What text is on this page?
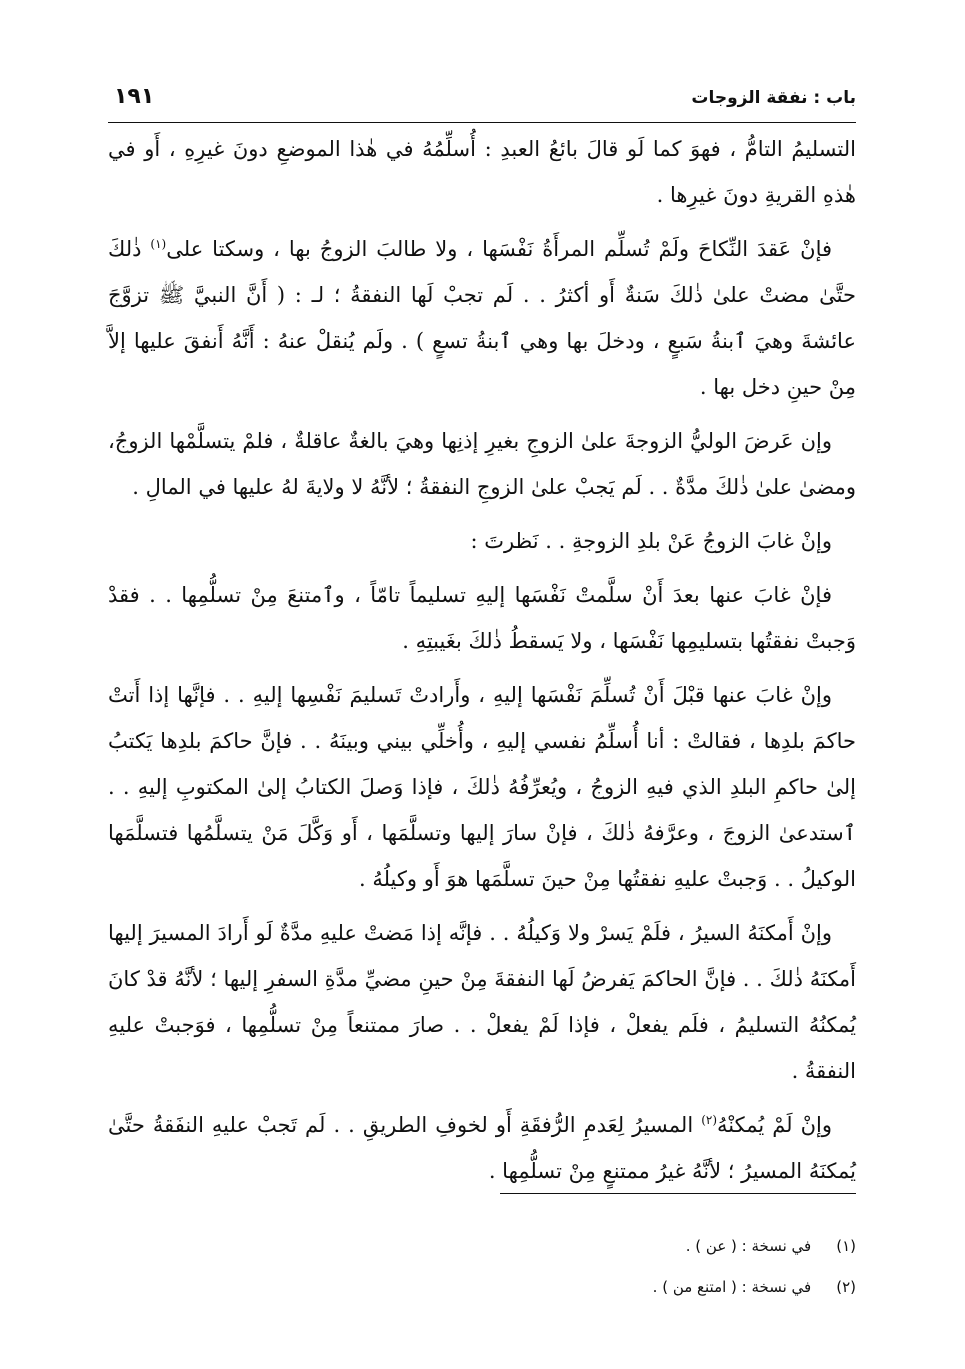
باب : نفقة الزوجات
١٩١

التسليمُ التامُّ ، فهوَ كما لَو قالَ بائعُ العبدِ : أُسلِّمُهُ في هٰذا الموضعِ دونَ غيرِهِ ، أَو في هٰذهِ القريةِ دونَ غيرِها .

فإنْ عَقدَ النِّكاحَ ولَمْ تُسلِّم المرأَةُ نَفْسَها ، ولا طالبَ الزوجُ بها ، وسكتا على$^{(١)}$ ذٰلكَ حتَّىٰ مضتْ علىٰ ذٰلكَ سَنةٌ أَو أكثرُ . . لَم تجبْ لَها النفقةُ ؛ لـ : ( أَنَّ النبيَّ ﷺ تزوَّجَ عائشةَ وهيَ ٱبنةُ سَبعٍ ، ودخلَ بها وهي ٱبنةُ تسعٍ ) . ولَم يُنقلْ عنهُ : أَنَّهُ أَنفقَ عليها إلاَّ مِنْ حينِ دخل بها .

وإن عَرضَ الوليُّ الزوجةَ علىٰ الزوجِ بغيرِ إذنِها وهيَ بالغةٌ عاقلةٌ ، فلمْ يتسلَّمْها الزوجُ، ومضىٰ علىٰ ذٰلكَ مدَّةٌ . . لَم يَجبْ علىٰ الزوجِ النفقةُ ؛ لأنَّهُ لا ولايةَ لهُ عليها في المالِ .

وإنْ غابَ الزوجُ عَنْ بلدِ الزوجةِ . . نَظرتَ :

فإنْ غابَ عنها بعدَ أَنْ سلَّمتْ نَفْسَها إليهِ تسليماً تامّاً ، وٱمتنعَ مِنْ تسلُّمِها . . فقدْ وَجبتْ نفقتُها بتسليمِها نَفْسَها ، ولا يَسقطُ ذٰلكَ بغَيبتِهِ .

وإنْ غابَ عنها قبْلَ أَنْ تُسلِّمَ نَفْسَها إليهِ ، وأَرادتْ تَسليمَ نَفْسِها إليهِ . . فإنَّها إذا أَتتْ حاكمَ بلدِها ، فقالتْ : أنا أُسلِّمُ نفسي إليهِ ، وأُخلِّي بيني وبينَهُ . . فإنَّ حاكمَ بلدِها يَكتبُ إلىٰ حاكمِ البلدِ الذي فيهِ الزوجُ ، ويُعرِّفُهُ ذٰلكَ ، فإذا وَصلَ الكتابُ إلىٰ المكتوبِ إليهِ . . ٱستدعىٰ الزوجَ ، وعرَّفهُ ذٰلكَ ، فإنْ سارَ إليها وتسلَّمَها ، أَو وَكَّلَ مَنْ يتسلَّمُها فتسلَّمَها الوكيلُ . . وَجبتْ عليهِ نفقتُها مِنْ حينَ تسلَّمَها هوَ أَو وكيلُهُ .

وإنْ أَمكنَهُ السيرُ ، فلَمْ يَسرْ ولا وَكيلُهُ . . فإنَّه إذا مَضتْ عليهِ مدَّةٌ لَو أَرادَ المسيرَ إليها أَمكنَهُ ذٰلكَ . . فإنَّ الحاكمَ يَفرضُ لَها النفقةَ مِنْ حينِ مضيِّ مدَّةِ السفرِ إليها ؛ لأنَّهُ قدْ كانَ يُمكنُهُ التسليمُ ، فلَم يفعلْ ، فإذا لَمْ يفعلْ . . صارَ ممتنعاً مِنْ تسلُّمِها ، فوَجبتْ عليهِ النفقةُ .

وإنْ لَمْ يُمكنْهُ$^{(٢)}$ المسيرُ لِعَدمِ الرُّفقَةِ أَو لخوفِ الطريقِ . . لَم تَجبْ عليهِ النفَقةُ حتَّىٰ يُمكنَهُ المسيرُ ؛ لأنَّهُ غيرُ ممتنعٍ مِنْ تسلُّمِها .

(١) في نسخة : ( عن ) .
(٢) في نسخة : ( امتنع من ) .
